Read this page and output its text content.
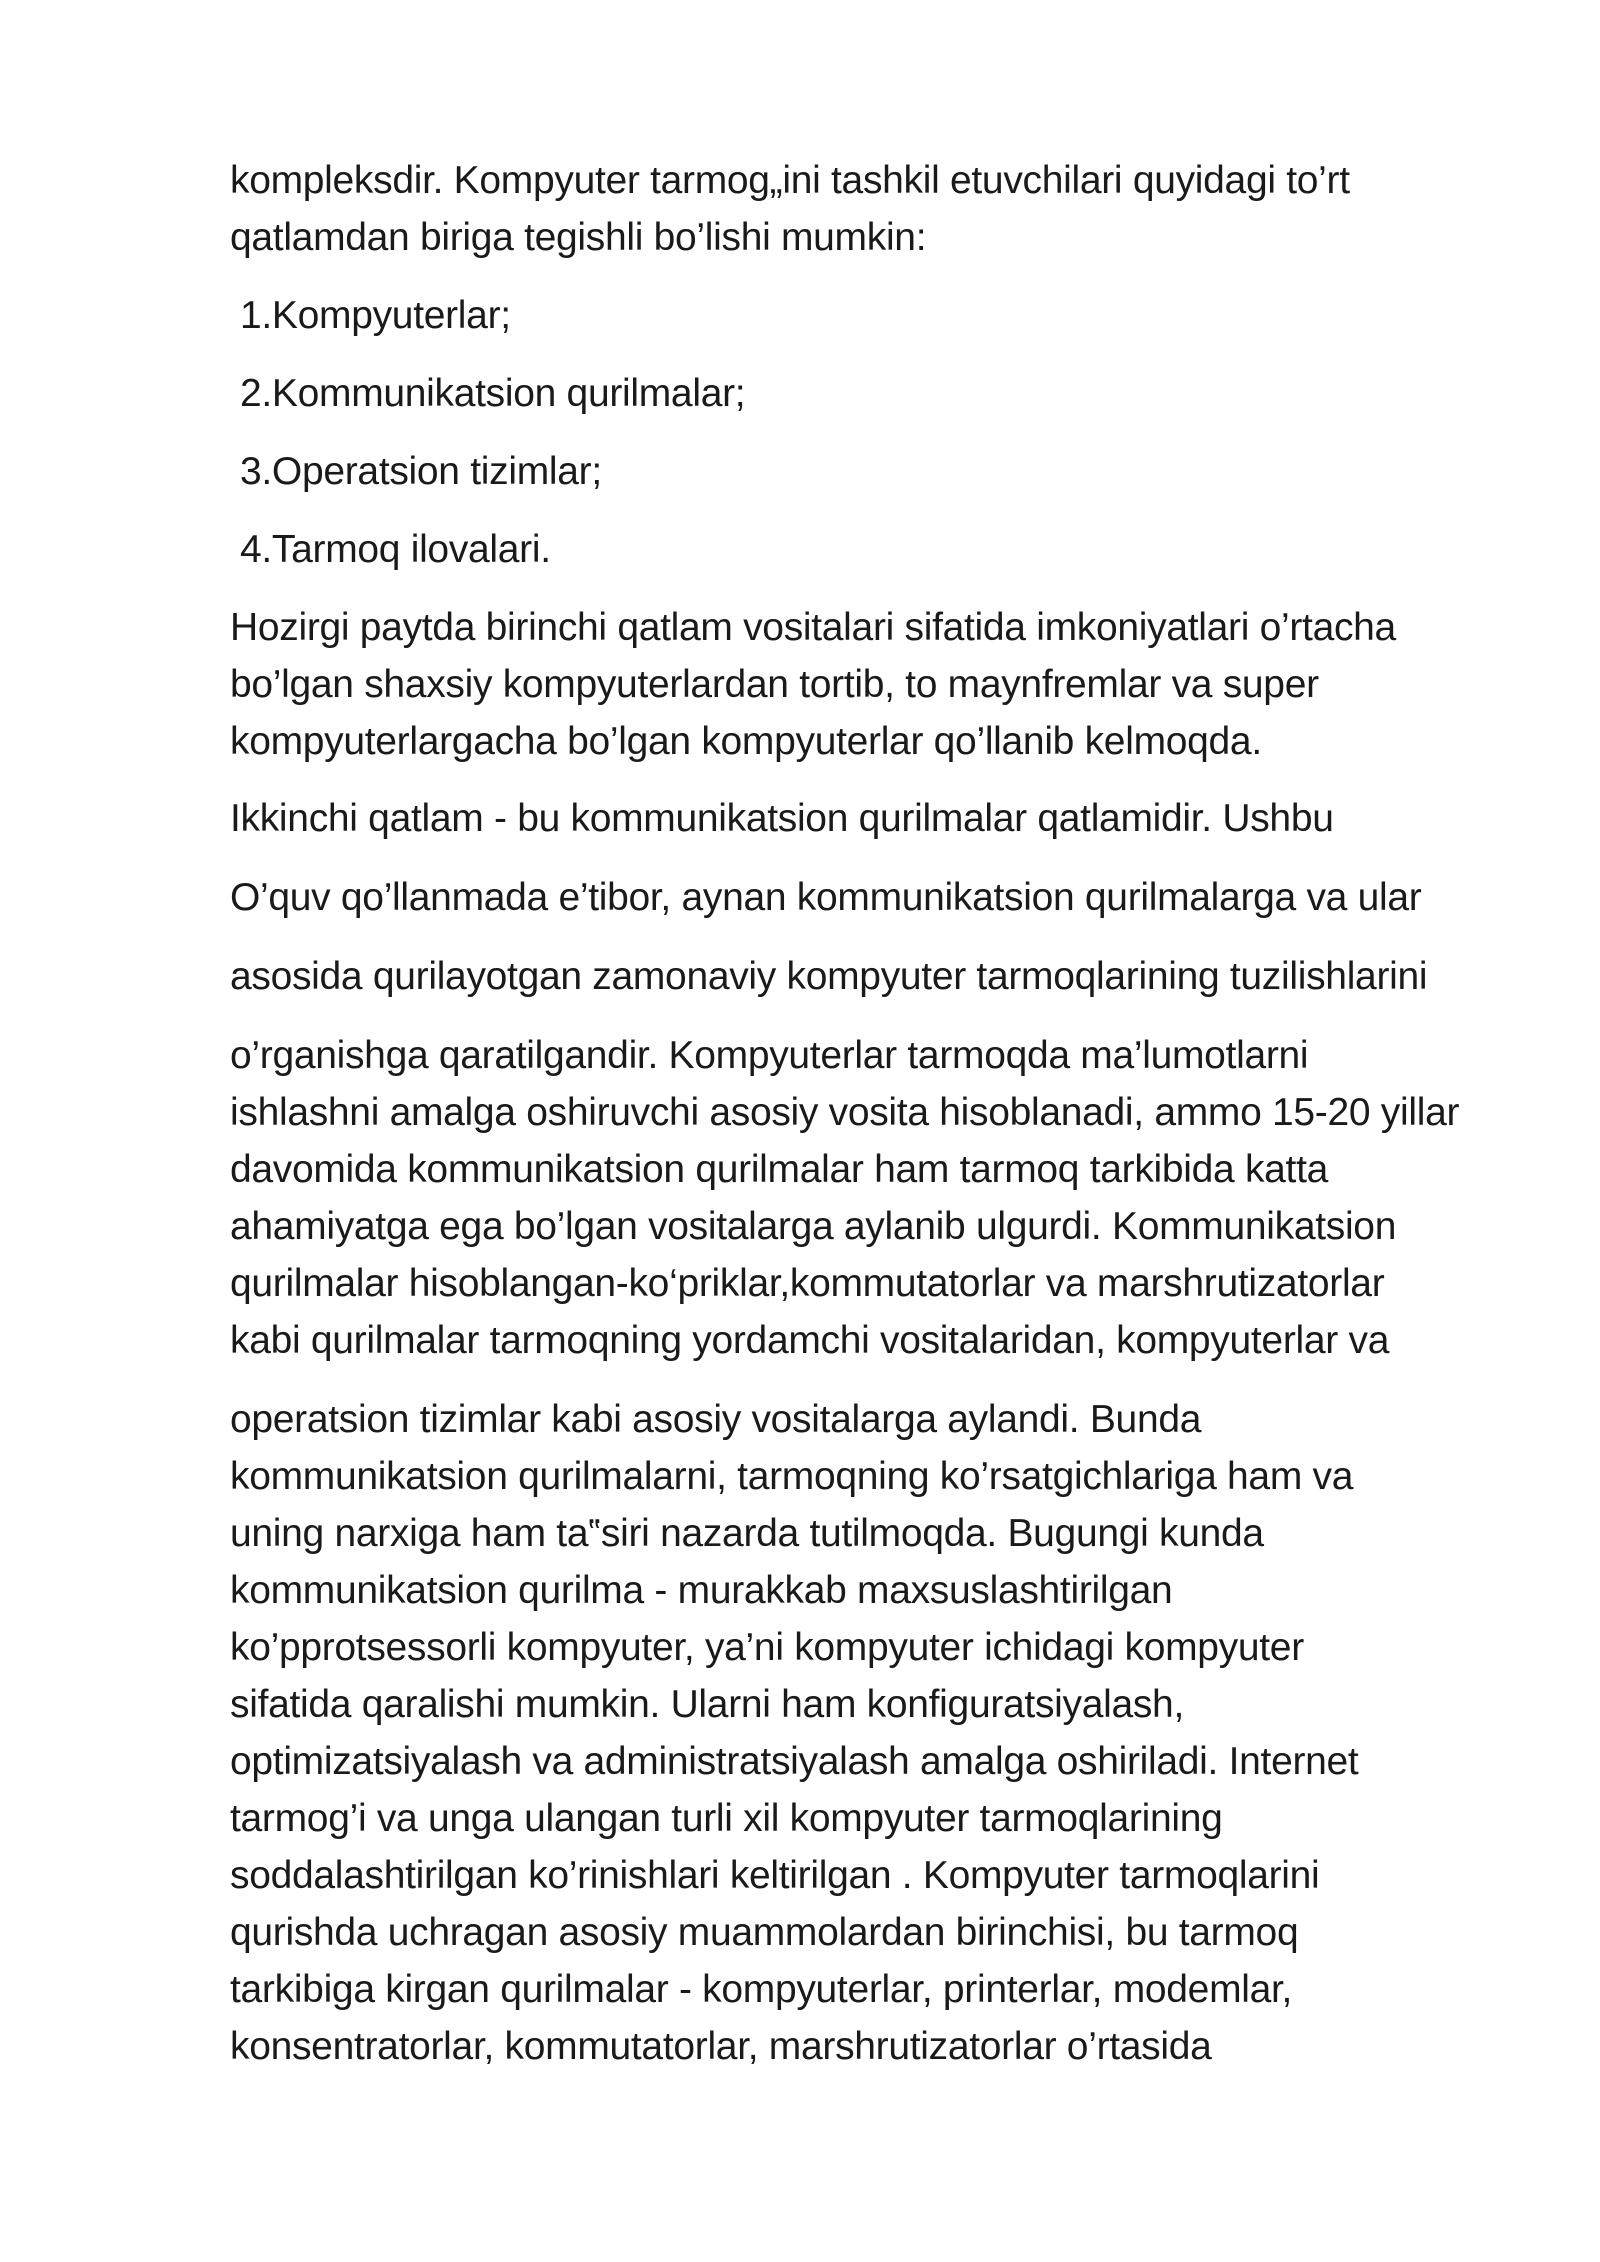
kompleksdir. Kompyuter tarmog„ini tashkil etuvchilari quyidagi to’rt

qatlamdan biriga tegishli bo’lishi mumkin:

1.Kompyuterlar;

2.Kommunikatsion qurilmalar;

3.Operatsion tizimlar;

4.Tarmoq ilovalari.

Hozirgi paytda birinchi qatlam vositalari sifatida imkoniyatlari o’rtacha

bo’lgan shaxsiy kompyuterlardan tortib, to maynfremlar va super

kompyuterlargacha bo’lgan kompyuterlar qo’llanib kelmoqda.

Ikkinchi qatlam - bu kommunikatsion qurilmalar qatlamidir. Ushbu

O’quv qo’llanmada e’tibor, aynan kommunikatsion qurilmalarga va ular

asosida qurilayotgan zamonaviy kompyuter tarmoqlarining tuzilishlarini

o’rganishga qaratilgandir. Kompyuterlar tarmoqda ma’lumotlarni

ishlashni amalga oshiruvchi asosiy vosita hisoblanadi, ammo 15-20 yillar

davomida kommunikatsion qurilmalar ham tarmoq tarkibida katta

ahamiyatga ega bo’lgan vositalarga aylanib ulgurdi. Kommunikatsion

qurilmalar hisoblangan-ko‘priklar,kommutatorlar va marshrutizatorlar

kabi qurilmalar tarmoqning yordamchi vositalaridan, kompyuterlar va

operatsion tizimlar kabi asosiy vositalarga aylandi. Bunda

kommunikatsion qurilmalarni, tarmoqning ko’rsatgichlariga ham va

uning narxiga ham ta‟siri nazarda tutilmoqda. Bugungi kunda

kommunikatsion qurilma - murakkab maxsuslashtirilgan

ko’pprotsessorli kompyuter, ya’ni kompyuter ichidagi kompyuter

sifatida qaralishi mumkin. Ularni ham konfiguratsiyalash,

optimizatsiyalash va administratsiyalash amalga oshiriladi. Internet

tarmog’i va unga ulangan turli xil kompyuter tarmoqlarining

soddalashtirilgan ko’rinishlari keltirilgan . Kompyuter tarmoqlarini

qurishda uchragan asosiy muammolardan birinchisi, bu tarmoq

tarkibiga kirgan qurilmalar - kompyuterlar, printerlar, modemlar,

konsentratorlar, kommutatorlar, marshrutizatorlar o’rtasida
